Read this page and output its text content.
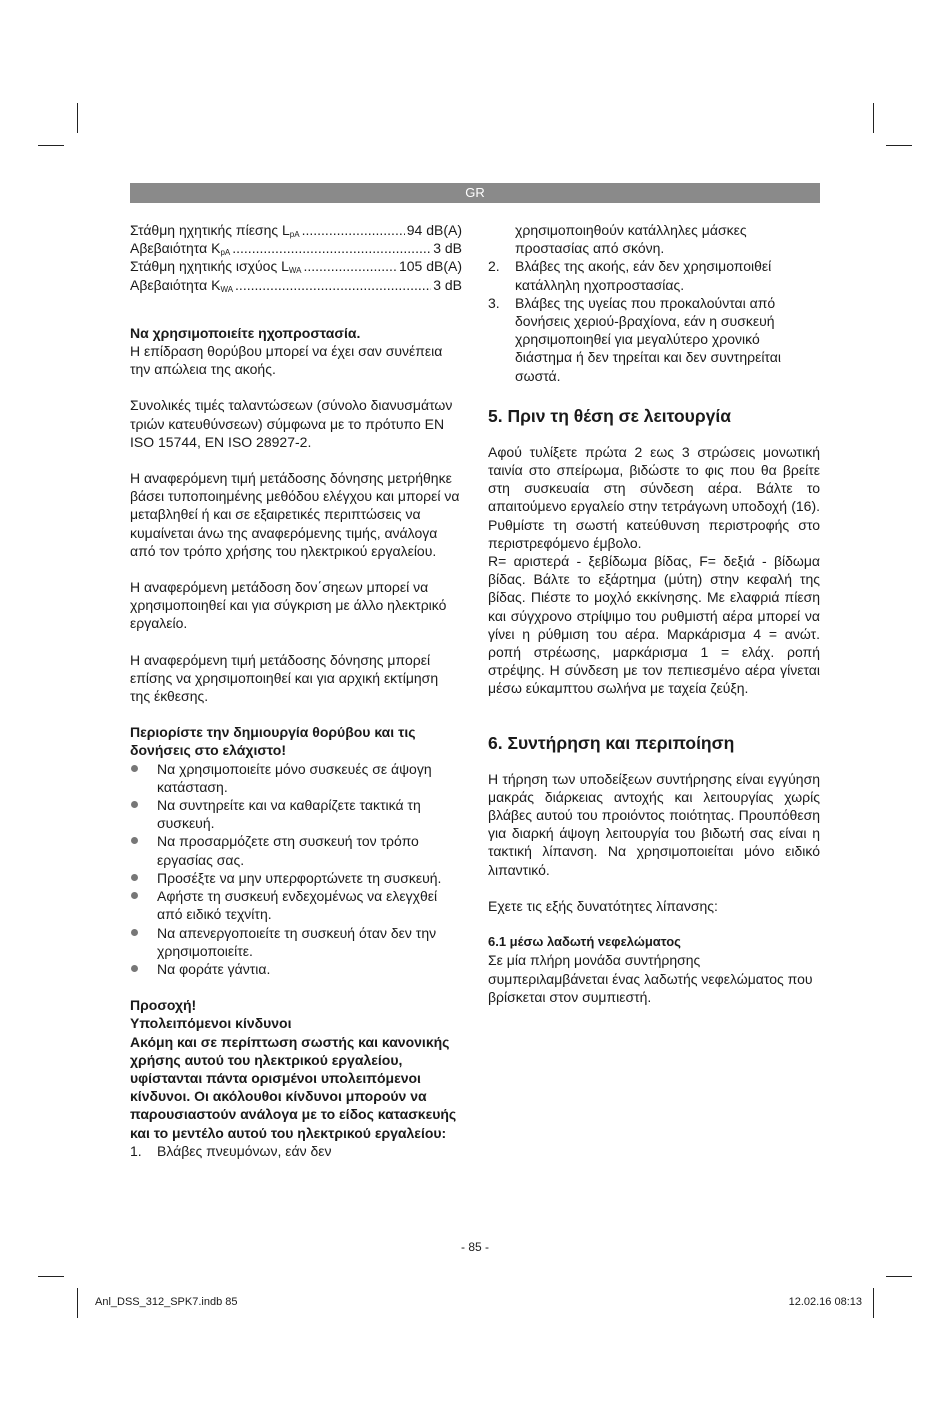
GR
Στάθμη ηχητικής πίεσης $L_{pA}$ .....	94 dB(A)
Αβεβαιότητα $K_{pA}$ .....	3 dB
Στάθμη ηχητικής ισχύος $L_{WA}$ .....	105 dB(A)
Αβεβαιότητα $K_{WA}$ .....	3 dB

Να χρησιμοποιείτε ηχοπροστασία.

Η επίδραση θορύβου μπορεί να έχει σαν συνέπεια την απώλεια της ακοής.

Συνολικές τιμές ταλαντώσεων (σύνολο διανυσμάτων τριών κατευθύνσεων) σύμφωνα με το πρότυπο EN ISO 15744, EN ISO 28927-2.

Η αναφερόμενη τιμή μετάδοσης δόνησης μετρήθηκε βάσει τυποποιημένης μεθόδου ελέγχου και μπορεί να μεταβληθεί ή και σε εξαιρετικές περιπτώσεις να κυμαίνεται άνω της αναφερόμενης τιμής, ανάλογα από τον τρόπο χρήσης του ηλεκτρικού εργαλείου.

Η αναφερόμενη μετάδοση δον΄σηεων μπορεί να χρησιμοποιηθεί και για σύγκριση με άλλο ηλεκτρικό εργαλείο.

Η αναφερόμενη τιμή μετάδοσης δόνησης μπορεί επίσης να χρησιμοποιηθεί και για αρχική εκτίμηση της έκθεσης.

Περιορίστε την δημιουργία θορύβου και τις δονήσεις στο ελάχιστο!

Να χρησιμοποιείτε μόνο συσκευές σε άψογη κατάσταση.
Να συντηρείτε και να καθαρίζετε τακτικά τη συσκευή.
Να προσαρμόζετε στη συσκευή τον τρόπο εργασίας σας.
Προσέξτε να μην υπερφορτώνετε τη συσκευή.
Αφήστε τη συσκευή ενδεχομένως να ελεγχθεί από ειδικό τεχνίτη.
Να απενεργοποιείτε τη συσκευή όταν δεν την χρησιμοποιείτε.
Να φοράτε γάντια.

Προσοχή!

Υπολειπόμενοι κίνδυνοι

Ακόμη και σε περίπτωση σωστής και κανονικής χρήσης αυτού του ηλεκτρικού εργαλείου, υφίστανται πάντα ορισμένοι υπολειπόμενοι κίνδυνοι. Οι ακόλουθοι κίνδυνοι μπορούν να παρουσιαστούν ανάλογα με το είδος κατασκευής και το μεντέλο αυτού του ηλεκτρικού εργαλείου:

1. Βλάβες πνευμόνων, εάν δεν
χρησιμοποιηθούν κατάλληλες μάσκες προστασίας από σκόνη.
2. Βλάβες της ακοής, εάν δεν χρησιμοποιθεί κατάλληλη ηχοπροστασίας.
3. Βλάβες της υγείας που προκαλούνται από δονήσεις χεριού-βραχίονα, εάν η συσκευή χρησιμοποιηθεί για μεγαλύτερο χρονικό διάστημα ή δεν τηρείται και δεν συντηρείται σωστά.
5. Πριν τη θέση σε λειτουργία

Αφού τυλίξετε πρώτα 2 εως 3 στρώσεις μονωτική ταινία στο σπείρωμα, βιδώστε το φις που θα βρείτε στη συσκευαία στη σύνδεση αέρα. Βάλτε το απαιτούμενο εργαλείο στην τετράγωνη υποδοχή (16). Ρυθμίστε τη σωστή κατεύθυνση περιστροφής στο περιστρεφόμενο έμβολο.

R= αριστερά - ξεβίδωμα βίδας, F= δεξιά - βίδωμα βίδας. Βάλτε το εξάρτημα (μύτη) στην κεφαλή της βίδας. Πιέστε το μοχλό εκκίνησης. Με ελαφριά πίεση και σύγχρονο στρίψιμο του ρυθμιστή αέρα μπορεί να γίνει η ρύθμιση του αέρα. Μαρκάρισμα 4 = ανώτ. ροπή στρέωσης, μαρκάρισμα 1 = ελάχ. ροπή στρέψης. Η σύνδεση με τον πεπιεσμένο αέρα γίνεται μέσω εύκαμπτου σωλήνα με ταχεία ζεύξη.

6. Συντήρηση και περιποίηση

Η τήρηση των υποδείξεων συντήρησης είναι εγγύηση μακράς διάρκειας αντοχής και λειτουργίας χωρίς βλάβες αυτού του προιόντος ποιότητας. Προυπόθεση για διαρκή άψογη λειτουργία του βιδωτή σας είναι η τακτική λίπανση. Να χρησιμοποιείται μόνο ειδικό λιπαντικό.

Εχετε τις εξής δυνατότητες λίπανσης:

6.1 μέσω λαδωτή νεφελώματος

Σε μία πλήρη μονάδα συντήρησης συμπεριλαμβάνεται ένας λαδωτής νεφελώματος που βρίσκεται στον συμπιεστή.

- 85 -
Anl_DSS_312_SPK7.indb 85	12.02.16 08:13
